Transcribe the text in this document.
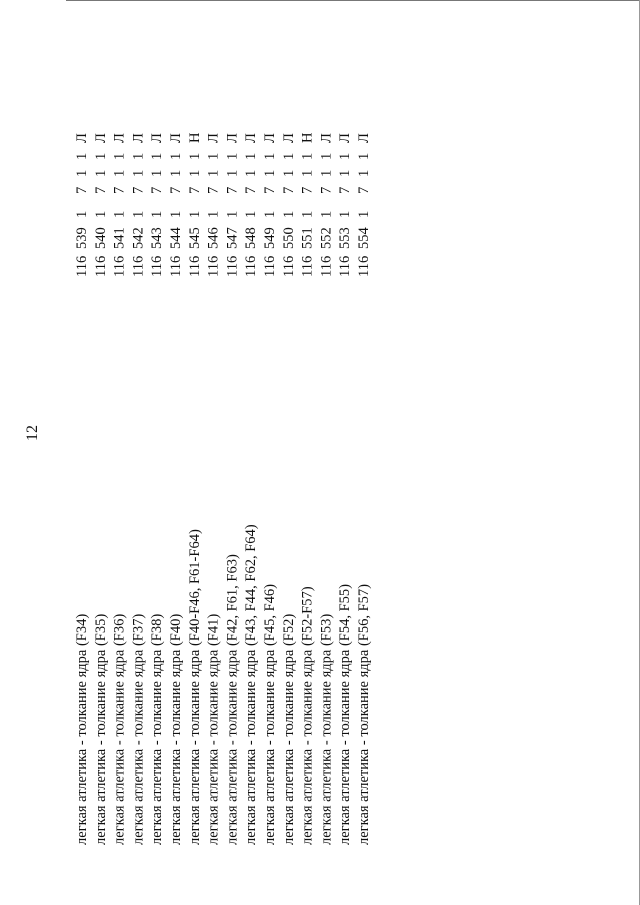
12
легкая атлетика - толкание ядра (F34)
116
539
1
7
1
1
Л
легкая атлетика - толкание ядра (F35)
116
540
1
7
1
1
Л
легкая атлетика - толкание ядра (F36)
116
541
1
7
1
1
Л
легкая атлетика - толкание ядра (F37)
116
542
1
7
1
1
Л
легкая атлетика - толкание ядра (F38)
116
543
1
7
1
1
Л
легкая атлетика - толкание ядра (F40)
116
544
1
7
1
1
Л
легкая атлетика - толкание ядра (F40-F46, F61-F64)
116
545
1
7
1
1
Н
легкая атлетика - толкание ядра (F41)
116
546
1
7
1
1
Л
легкая атлетика - толкание ядра (F42, F61, F63)
116
547
1
7
1
1
Л
легкая атлетика - толкание ядра (F43, F44, F62, F64)
116
548
1
7
1
1
Л
легкая атлетика - толкание ядра (F45, F46)
116
549
1
7
1
1
Л
легкая атлетика - толкание ядра (F52)
116
550
1
7
1
1
Л
легкая атлетика - толкание ядра (F52-F57)
116
551
1
7
1
1
Н
легкая атлетика - толкание ядра (F53)
116
552
1
7
1
1
Л
легкая атлетика - толкание ядра (F54, F55)
116
553
1
7
1
1
Л
легкая атлетика - толкание ядра (F56, F57)
116
554
1
7
1
1
Л
